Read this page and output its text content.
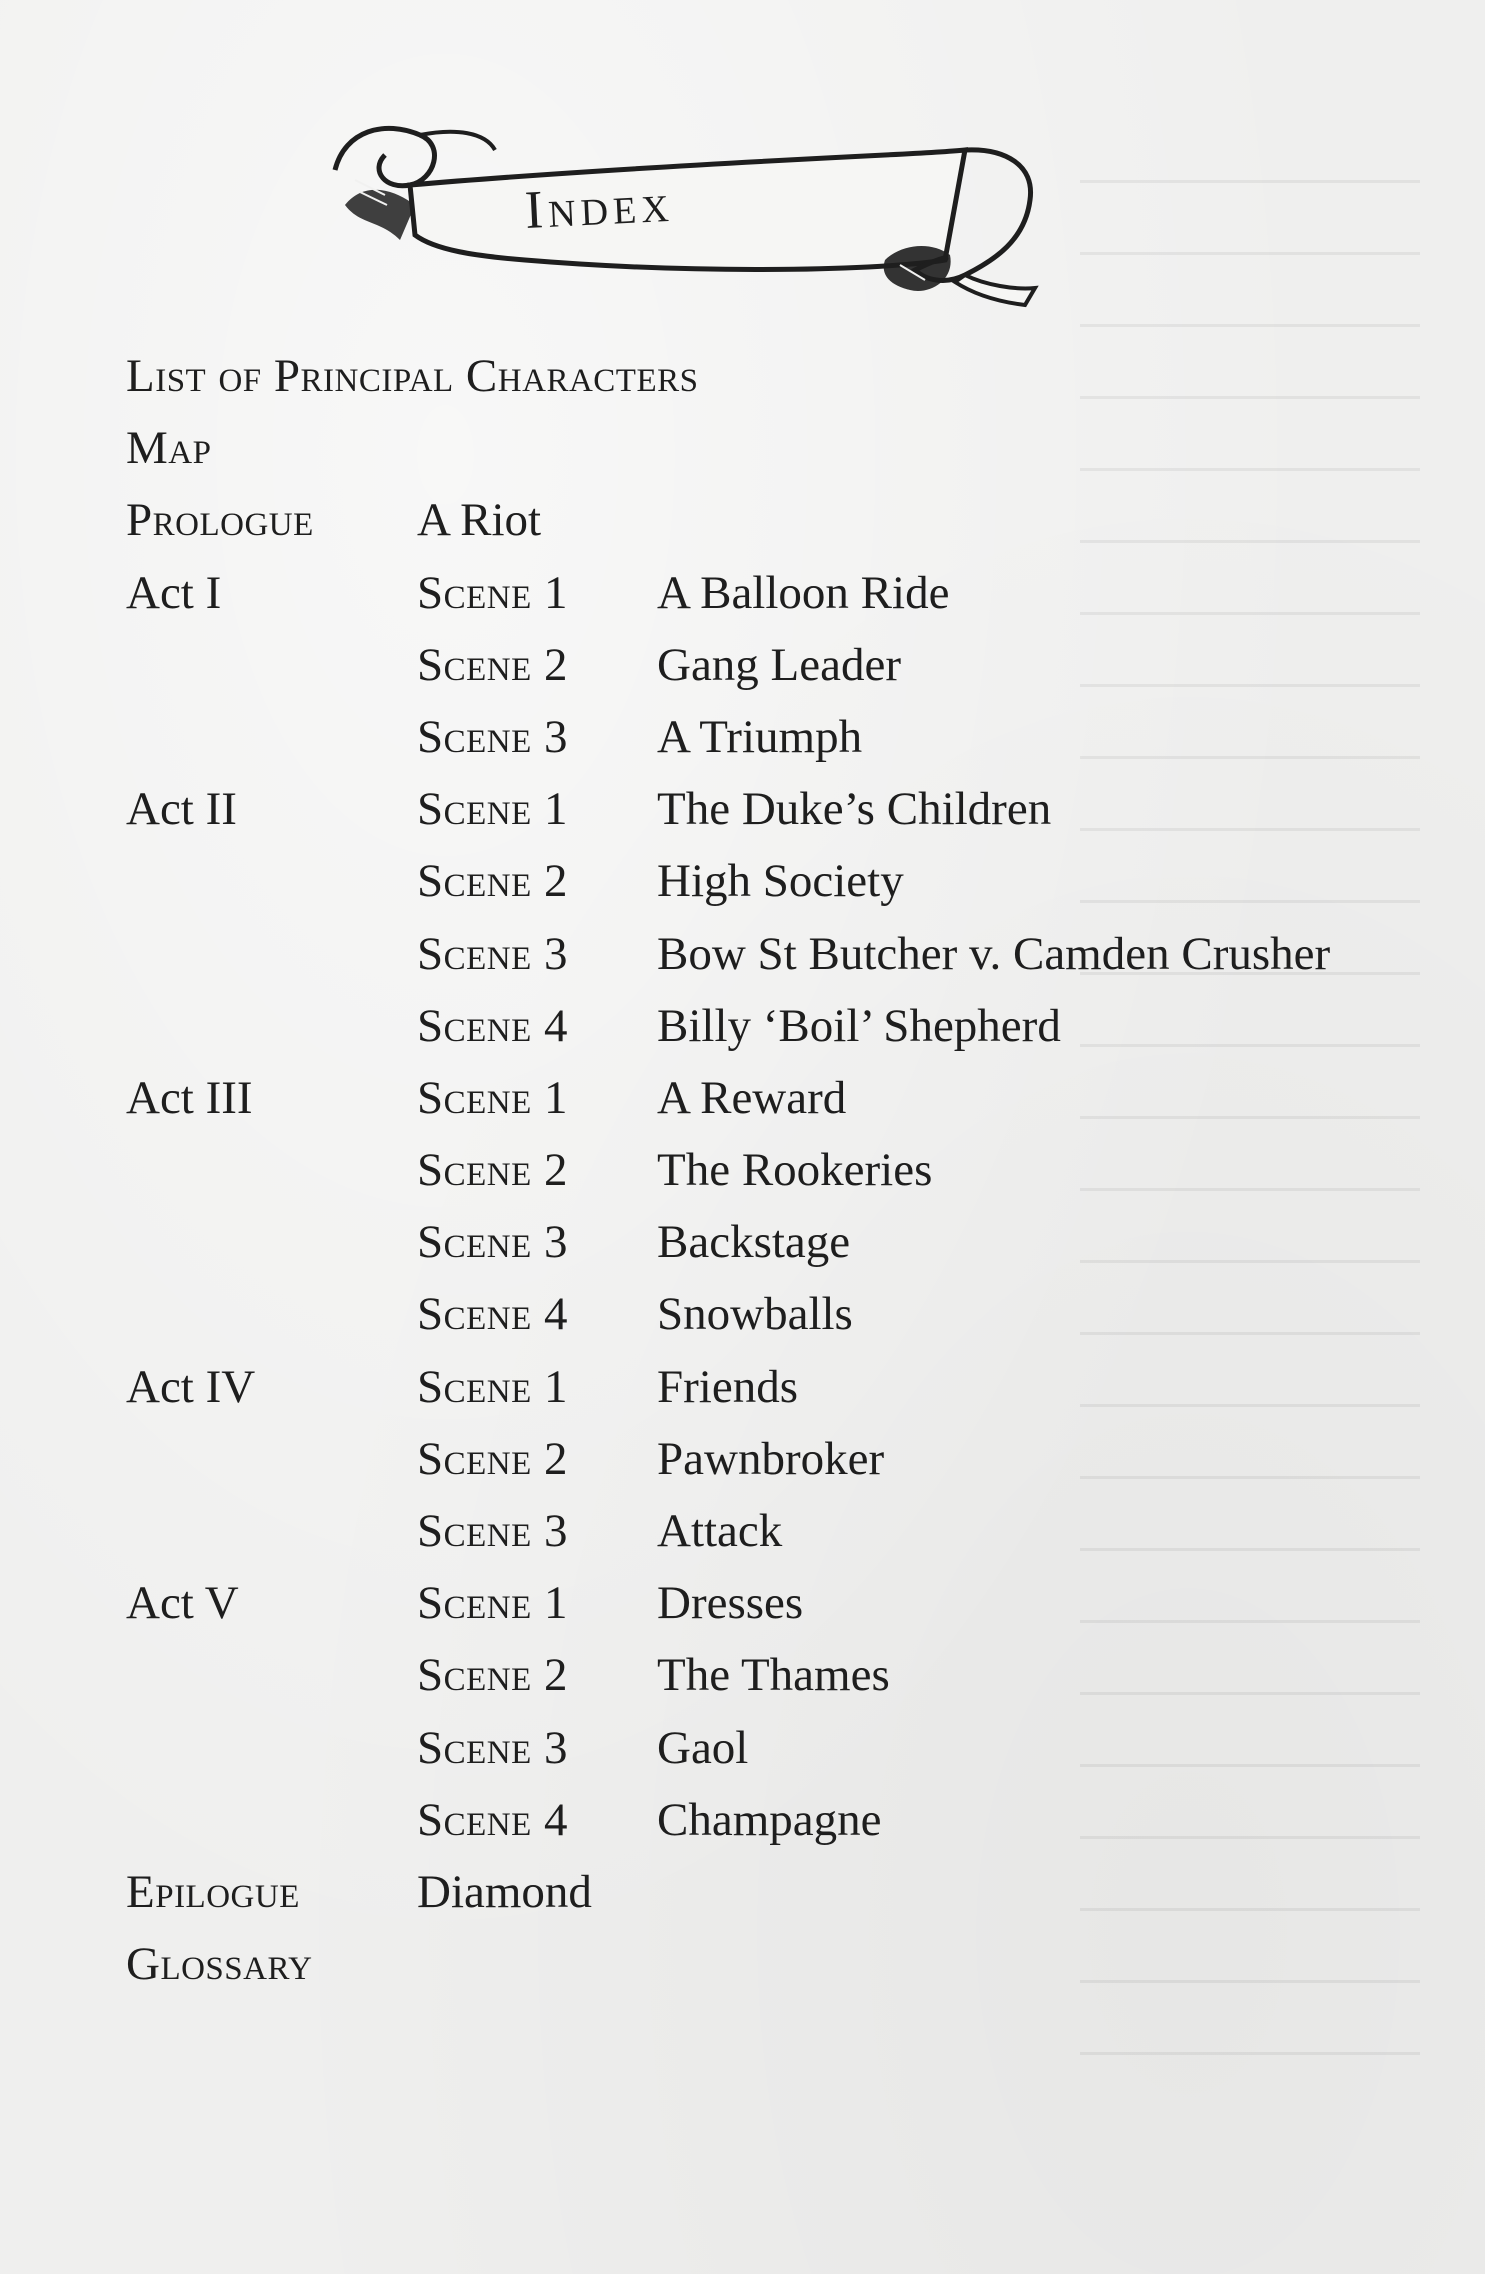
Index
List of Principal Characters
Map
Prologue A Riot
Act I	Scene 1 A Balloon Ride
Scene 2 Gang Leader
Scene 3 A Triumph
Act II	Scene 1 The Duke’s Children
Scene 2 High Society
Scene 3 Bow St Butcher v. Camden Crusher
Scene 4 Billy ‘Boil’ Shepherd
Act III	Scene 1 A Reward
Scene 2 The Rookeries
Scene 3 Backstage
Scene 4 Snowballs
Act IV	Scene 1 Friends
Scene 2 Pawnbroker
Scene 3 Attack
Act V	Scene 1 Dresses
Scene 2 The Thames
Scene 3 Gaol
Scene 4 Champagne
Epilogue Diamond
Glossary
